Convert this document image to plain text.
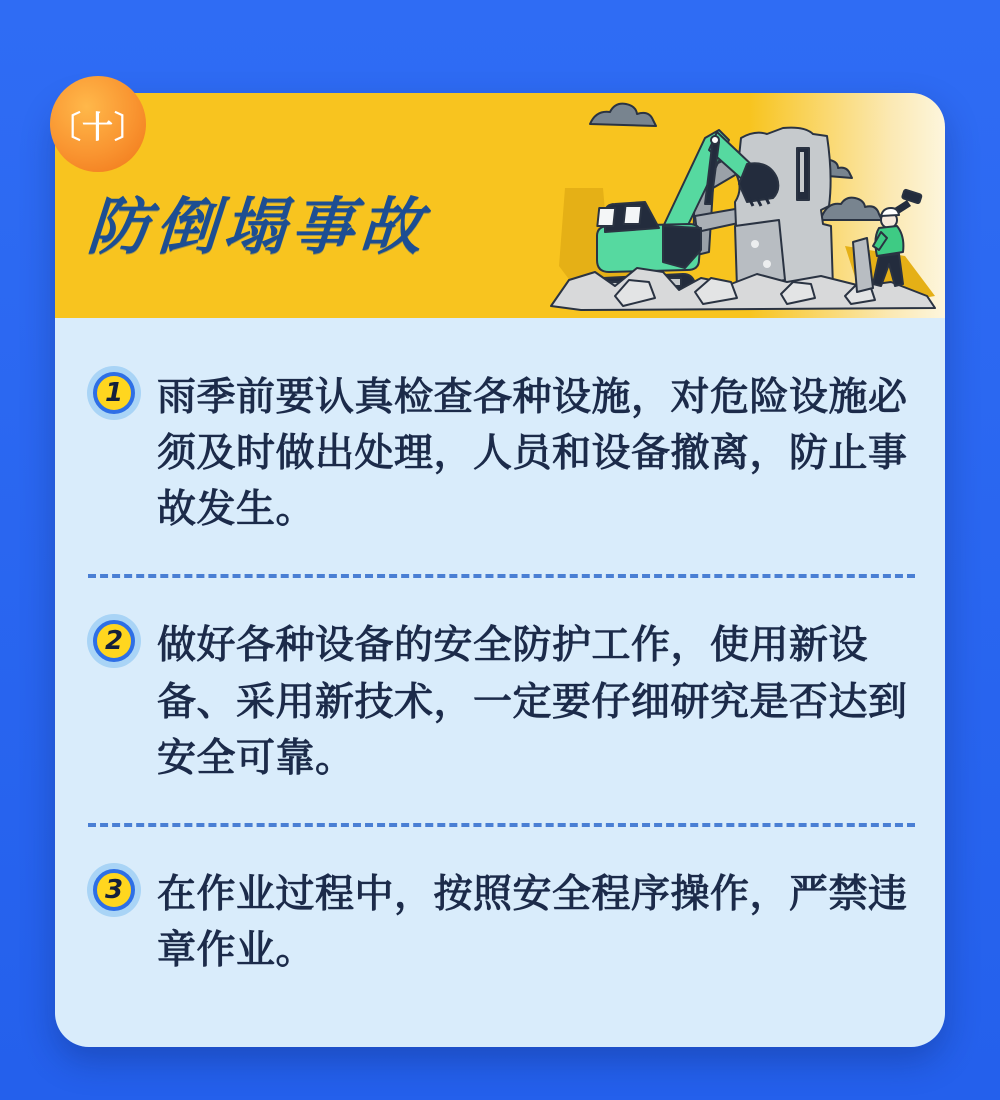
防倒塌事故
1 雨季前要认真检查各种设施，对危险设施必须及时做出处理，人员和设备撤离，防止事故发生。
2 做好各种设备的安全防护工作，使用新设备、采用新技术，一定要仔细研究是否达到安全可靠。
3 在作业过程中，按照安全程序操作，严禁违章作业。
〔十〕
